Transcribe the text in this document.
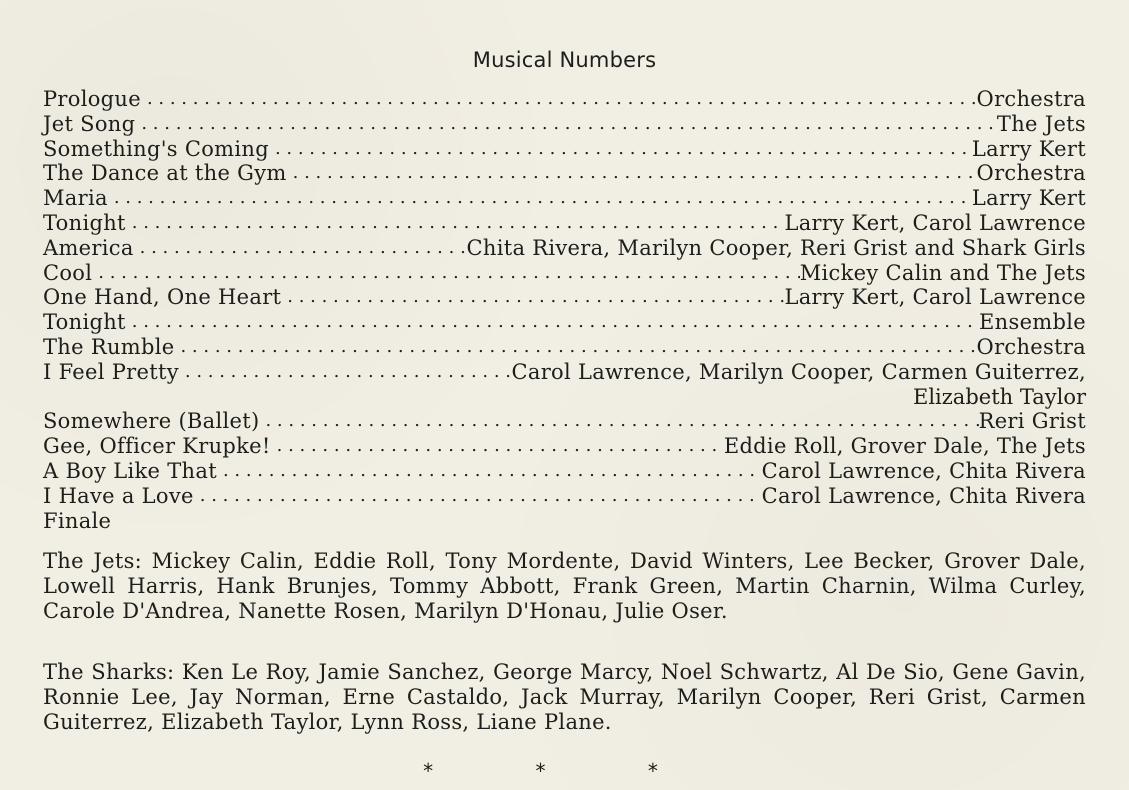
Musical Numbers
Prologue . . .	Orchestra
Jet Song . . .	The Jets
Something's Coming . . .	Larry Kert
The Dance at the Gym . . .	Orchestra
Maria . . .	Larry Kert
Tonight . . .	Larry Kert, Carol Lawrence
America . . .	Chita Rivera, Marilyn Cooper, Reri Grist and Shark Girls
Cool . . .	Mickey Calin and The Jets
One Hand, One Heart . . .	Larry Kert, Carol Lawrence
Tonight . . .	Ensemble
The Rumble . . .	Orchestra
I Feel Pretty . . .	Carol Lawrence, Marilyn Cooper, Carmen Guiterrez,
Elizabeth Taylor
Somewhere (Ballet) . . .	Reri Grist
Gee, Officer Krupke! . . .	Eddie Roll, Grover Dale, The Jets
A Boy Like That . . .	Carol Lawrence, Chita Rivera
I Have a Love . . .	Carol Lawrence, Chita Rivera
Finale
The Jets: Mickey Calin, Eddie Roll, Tony Mordente, David Winters, Lee Becker, Grover Dale, Lowell Harris, Hank Brunjes, Tommy Abbott, Frank Green, Martin Charnin, Wilma Curley, Carole D'Andrea, Nanette Rosen, Marilyn D'Honau, Julie Oser.
The Sharks: Ken Le Roy, Jamie Sanchez, George Marcy, Noel Schwartz, Al De Sio, Gene Gavin, Ronnie Lee, Jay Norman, Erne Castaldo, Jack Murray, Marilyn Cooper, Reri Grist, Carmen Guiterrez, Elizabeth Taylor, Lynn Ross, Liane Plane.
* * *
